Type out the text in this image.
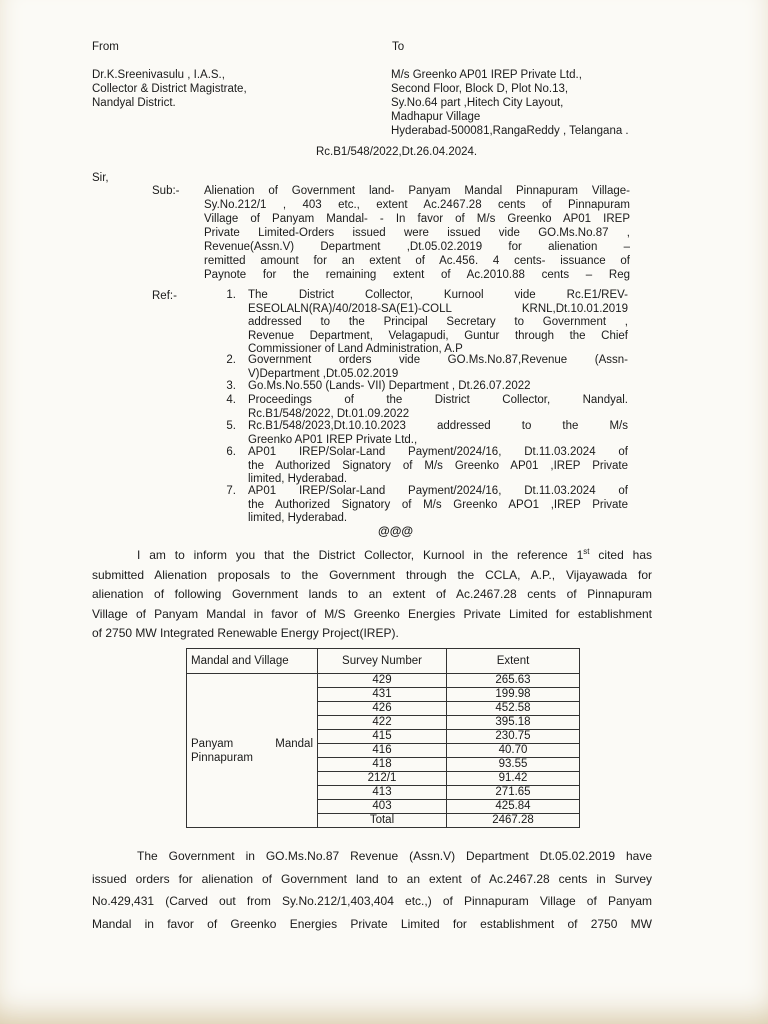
From	To
Dr.K.Sreenivasulu , I.A.S.,
Collector & District Magistrate,
Nandyal District.
M/s Greenko AP01 IREP Private Ltd.,
Second Floor, Block D, Plot No.13,
Sy.No.64 part ,Hitech City Layout,
Madhapur Village
Hyderabad-500081,RangaReddy , Telangana .
Rc.B1/548/2022,Dt.26.04.2024.
Sir,
Sub:- Alienation of Government land- Panyam Mandal Pinnapuram Village-
Sy.No.212/1 , 403 etc., extent Ac.2467.28 cents of Pinnapuram
Village of Panyam Mandal- - In favor of M/s Greenko AP01 IREP
Private Limited-Orders issued were issued vide GO.Ms.No.87 ,
Revenue(Assn.V) Department ,Dt.05.02.2019 for alienation –
remitted amount for an extent of Ac.456. 4 cents- issuance of
Paynote for the remaining extent of Ac.2010.88 cents – Reg
Ref:-	1. The District Collector, Kurnool vide Rc.E1/REV-
ESEOLALN(RA)/40/2018-SA(E1)-COLL KRNL,Dt.10.01.2019
addressed to the Principal Secretary to Government ,
Revenue Department, Velagapudi, Guntur through the Chief
Commissioner of Land Administration, A.P
2. Government orders vide GO.Ms.No.87,Revenue (Assn-
V)Department ,Dt.05.02.2019
3. Go.Ms.No.550 (Lands- VII) Department , Dt.26.07.2022
4. Proceedings of the District Collector, Nandyal.
Rc.B1/548/2022, Dt.01.09.2022
5. Rc.B1/548/2023,Dt.10.10.2023 addressed to the M/s
Greenko AP01 IREP Private Ltd.,
6. AP01 IREP/Solar-Land Payment/2024/16, Dt.11.03.2024 of
the Authorized Signatory of M/s Greenko AP01 ,IREP Private
limited, Hyderabad.
7. AP01 IREP/Solar-Land Payment/2024/16, Dt.11.03.2024 of
the Authorized Signatory of M/s Greenko APO1 ,IREP Private
limited, Hyderabad.
@@@
I am to inform you that the District Collector, Kurnool in the reference 1st cited has
submitted Alienation proposals to the Government through the CCLA, A.P., Vijayawada for
alienation of following Government lands to an extent of Ac.2467.28 cents of Pinnapuram
Village of Panyam Mandal in favor of M/S Greenko Energies Private Limited for establishment
of 2750 MW Integrated Renewable Energy Project(IREP).
Mandal and Village	Survey Number	Extent

Panyam Mandal
Pinnapuram	429	265.63
	431	199.98
	426	452.58
	422	395.18
	415	230.75
	416	40.70
	418	93.55
	212/1	91.42
	413	271.65
	403	425.84
	Total	2467.28
The Government in GO.Ms.No.87 Revenue (Assn.V) Department Dt.05.02.2019 have
issued orders for alienation of Government land to an extent of Ac.2467.28 cents in Survey
No.429,431 (Carved out from Sy.No.212/1,403,404 etc.,) of Pinnapuram Village of Panyam
Mandal in favor of Greenko Energies Private Limited for establishment of 2750 MW
